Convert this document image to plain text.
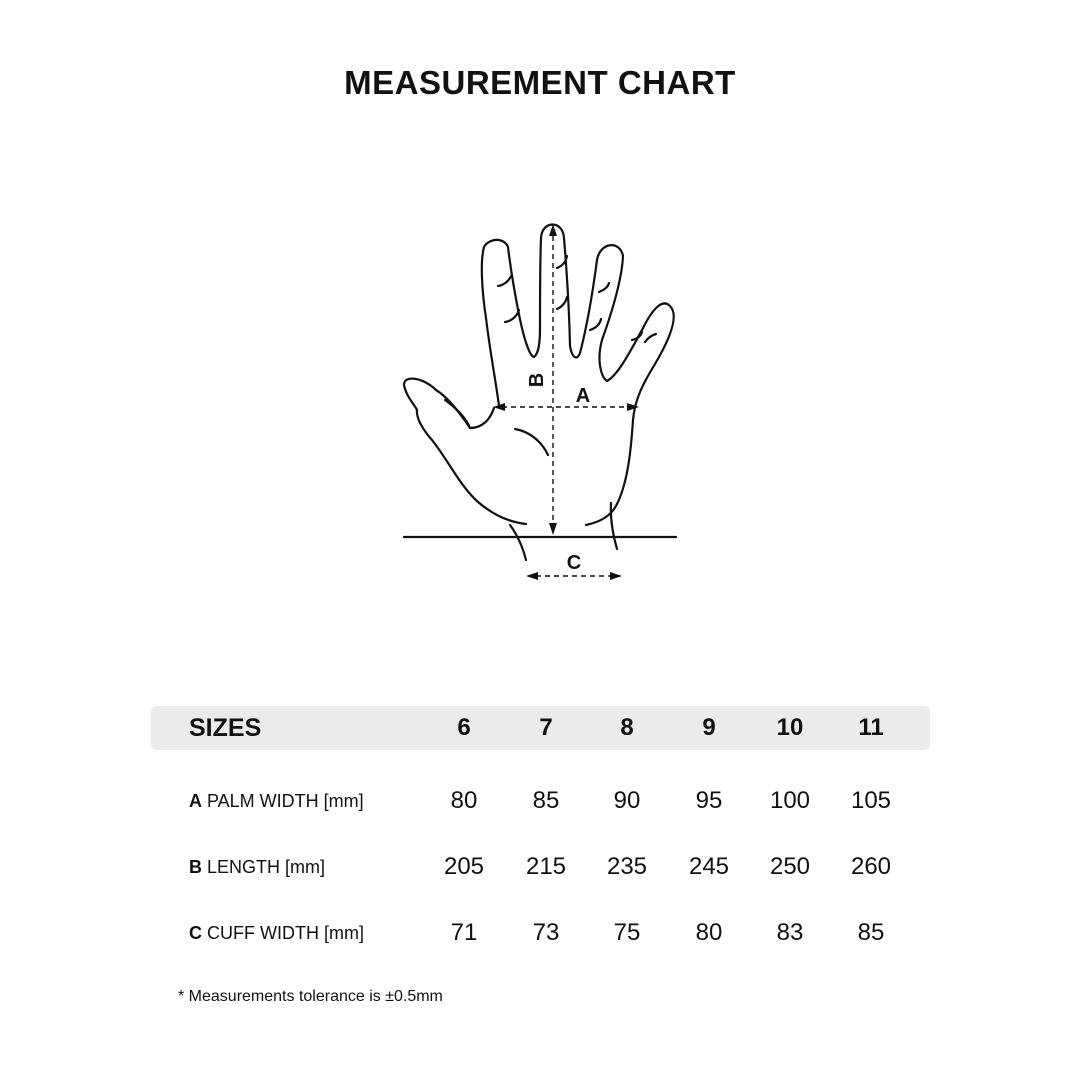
MEASUREMENT CHART
A
B
C
SIZES	6	7	8	9	10	11
A PALM WIDTH [mm]	80	85	90	95	100	105
B LENGTH [mm]	205	215	235	245	250	260
C CUFF WIDTH [mm]	71	73	75	80	83	85
* Measurements tolerance is ±0.5mm
